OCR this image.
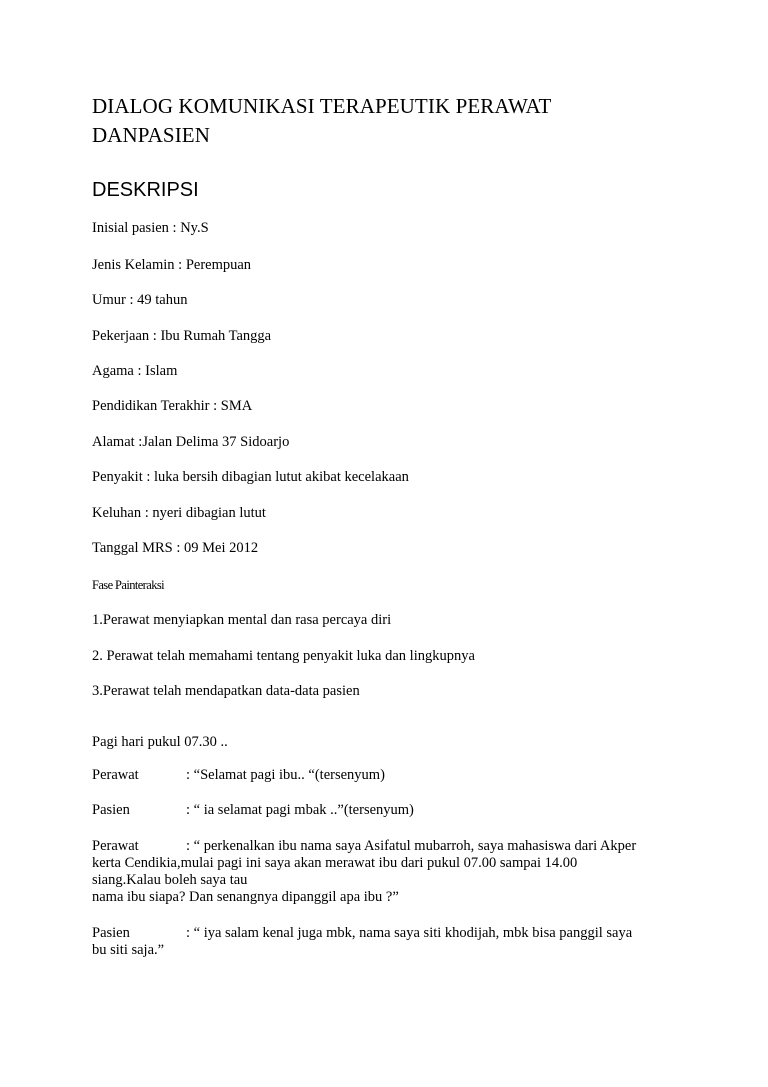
DIALOG KOMUNIKASI TERAPEUTIK PERAWAT
DANPASIEN
DESKRIPSI
Inisial pasien : Ny.S
Jenis Kelamin : Perempuan
Umur : 49 tahun
Pekerjaan : Ibu Rumah Tangga
Agama : Islam
Pendidikan Terakhir : SMA
Alamat :Jalan Delima 37 Sidoarjo
Penyakit : luka bersih dibagian lutut akibat kecelakaan
Keluhan : nyeri dibagian lutut
Tanggal MRS : 09 Mei 2012
Fase Painteraksi
1.Perawat menyiapkan mental dan rasa percaya diri
2. Perawat telah memahami tentang penyakit luka dan lingkupnya
3.Perawat telah mendapatkan data-data pasien
Pagi hari pukul 07.30 ..
Perawat	: “Selamat pagi ibu.. “(tersenyum)
Pasien	: “ ia selamat pagi mbak ..”(tersenyum)
Perawat	: “ perkenalkan ibu nama saya Asifatul mubarroh, saya mahasiswa dari Akper
kerta Cendikia,mulai pagi ini saya akan merawat ibu dari pukul 07.00 sampai 14.00
siang.Kalau boleh saya tau
nama ibu siapa? Dan senangnya dipanggil apa ibu ?”
Pasien	: “ iya salam kenal juga mbk, nama saya siti khodijah, mbk bisa panggil saya
bu siti saja.”
